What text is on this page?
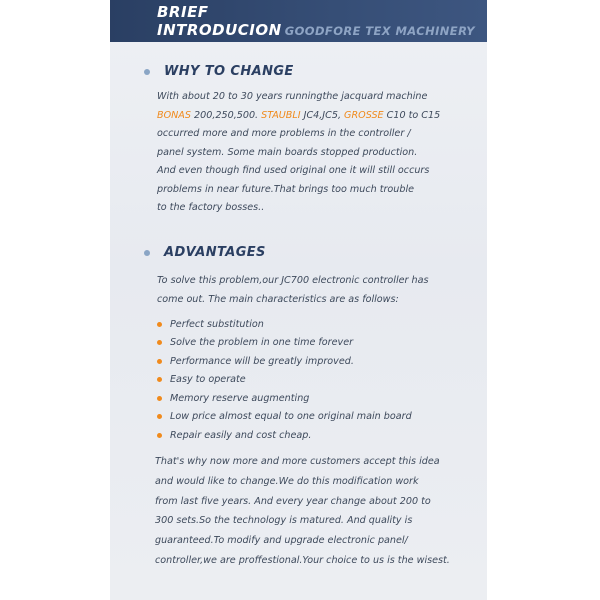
BRIEF
INTRODUCION GOODFORE TEX MACHINERY
WHY TO CHANGE
With about 20 to 30 years runningthe jacquard machine
BONAS 200,250,500. STAUBLI JC4,JC5, GROSSE C10 to C15
occurred more and more problems in the controller /
panel system. Some main boards stopped production.
And even though find used original one it will still occurs
problems in near future.That brings too much trouble
to the factory bosses..
ADVANTAGES
To solve this problem,our JC700 electronic controller has
come out. The main characteristics are as follows:
Perfect substitution
Solve the problem in one time forever
Performance will be greatly improved.
Easy to operate
Memory reserve augmenting
Low price almost equal to one original main board
Repair easily and cost cheap.
That's why now more and more customers accept this idea
and would like to change.We do this modification work
from last five years. And every year change about 200 to
300 sets.So the technology is matured. And quality is
guaranteed.To modify and upgrade electronic panel/
controller,we are proffestional.Your choice to us is the wisest.
